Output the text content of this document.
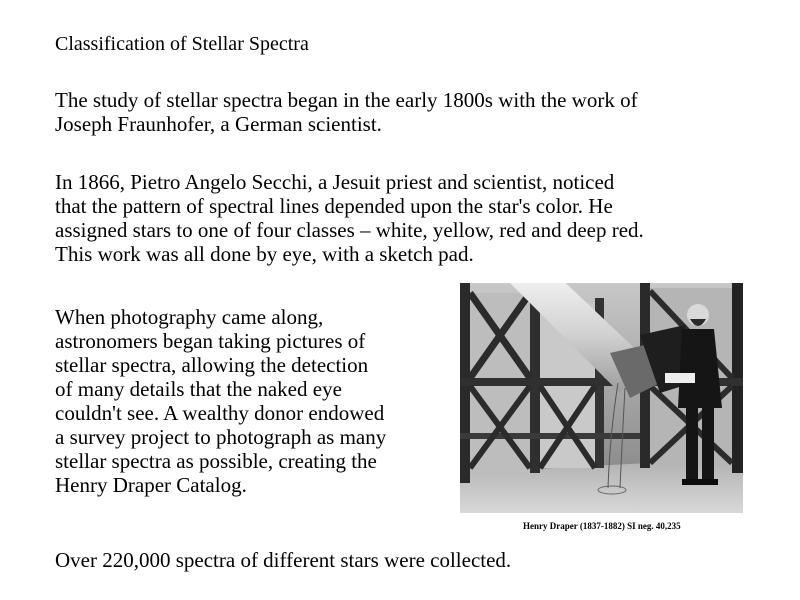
Classification of Stellar Spectra
The study of stellar spectra began in the early 1800s with the work of
Joseph Fraunhofer, a German scientist.
In 1866, Pietro Angelo Secchi, a Jesuit priest and scientist, noticed
that the pattern of spectral lines depended upon the star's color. He
assigned stars to one of four classes – white, yellow, red and deep red.
This work was all done by eye, with a sketch pad.
When photography came along,
astronomers began taking pictures of
stellar spectra, allowing the detection
of many details that the naked eye
couldn't see. A wealthy donor endowed
a survey project to photograph as many
stellar spectra as possible, creating the
Henry Draper Catalog.
Henry Draper (1837-1882) SI neg. 40,235
Over 220,000 spectra of different stars were collected.
